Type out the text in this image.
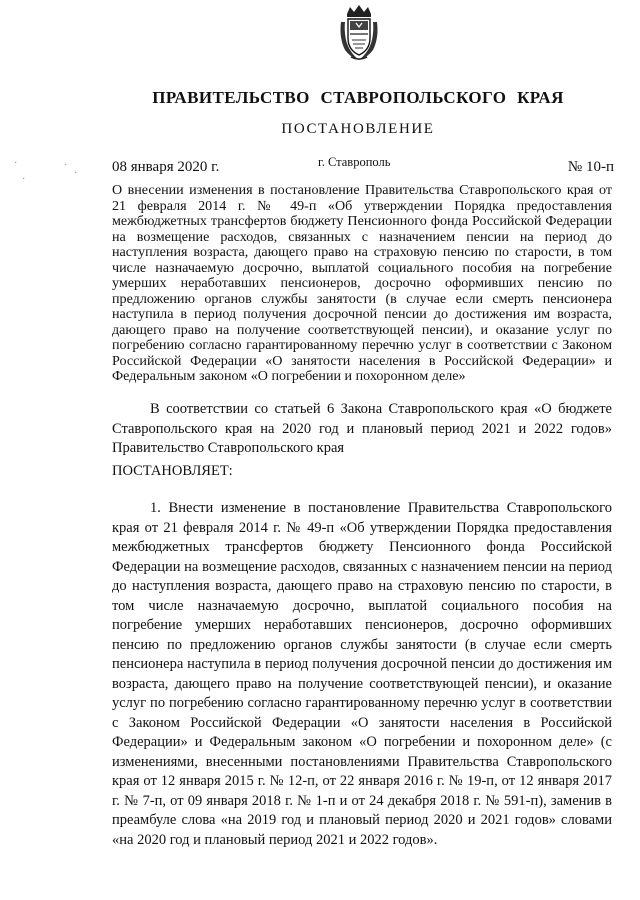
ПРАВИТЕЛЬСТВО СТАВРОПОЛЬСКОГО КРАЯ
ПОСТАНОВЛЕНИЕ
08 января 2020 г.	г. Ставрополь	№ 10-п
·
·
·
·

О внесении изменения в постановление Правительства Ставропольского края от 21 февраля 2014 г. № 49-п «Об утверждении Порядка предоставления межбюджетных трансфертов бюджету Пенсионного фонда Российской Федерации на возмещение расходов, связанных с назначением пенсии на период до наступления возраста, дающего право на страховую пенсию по старости, в том числе назначаемую досрочно, выплатой социального пособия на погребение умерших неработавших пенсионеров, досрочно оформивших пенсию по предложению органов службы занятости (в случае если смерть пенсионера наступила в период получения досрочной пенсии до достижения им возраста, дающего право на получение соответствующей пенсии), и оказание услуг по погребению согласно гарантированному перечню услуг в соответствии с Законом Российской Федерации «О занятости населения в Российской Федерации» и Федеральным законом «О погребении и похоронном деле»

В соответствии со статьей 6 Закона Ставропольского края «О бюджете Ставропольского края на 2020 год и плановый период 2021 и 2022 годов» Правительство Ставропольского края

ПОСТАНОВЛЯЕТ:

1. Внести изменение в постановление Правительства Ставропольского края от 21 февраля 2014 г. № 49-п «Об утверждении Порядка предоставления межбюджетных трансфертов бюджету Пенсионного фонда Российской Федерации на возмещение расходов, связанных с назначением пенсии на период до наступления возраста, дающего право на страховую пенсию по старости, в том числе назначаемую досрочно, выплатой социального пособия на погребение умерших неработавших пенсионеров, досрочно оформивших пенсию по предложению органов службы занятости (в случае если смерть пенсионера наступила в период получения досрочной пенсии до достижения им возраста, дающего право на получение соответствующей пенсии), и оказание услуг по погребению согласно гарантированному перечню услуг в соответствии с Законом Российской Федерации «О занятости населения в Российской Федерации» и Федеральным законом «О погребении и похоронном деле» (с изменениями, внесенными постановлениями Правительства Ставропольского края от 12 января 2015 г. № 12-п, от 22 января 2016 г. № 19-п, от 12 января 2017 г. № 7-п, от 09 января 2018 г. № 1-п и от 24 декабря 2018 г. № 591-п), заменив в преамбуле слова «на 2019 год и плановый период 2020 и 2021 годов» словами «на 2020 год и плановый период 2021 и 2022 годов».
